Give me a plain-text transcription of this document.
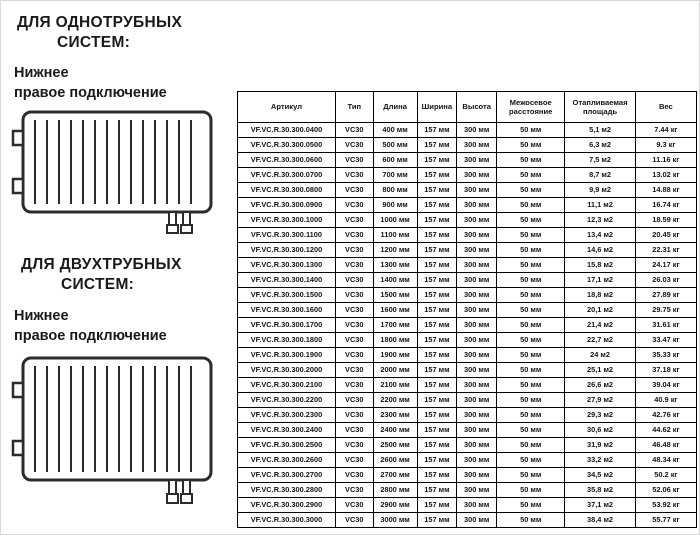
ДЛЯ ОДНОТРУБНЫХ
СИСТЕМ:
Нижнее
правое подключение
ДЛЯ ДВУХТРУБНЫХ
СИСТЕМ:
Нижнее
правое подключение
Артикул	Тип	Длина	Ширина	Высота	Межосевое расстояние	Отапливаемая площадь	Вес
VF.VC.R.30.300.0400	VC30	400 мм	157 мм	300 мм	50 мм	5,1 м2	7.44 кг
VF.VC.R.30.300.0500	VC30	500 мм	157 мм	300 мм	50 мм	6,3 м2	9.3 кг
VF.VC.R.30.300.0600	VC30	600 мм	157 мм	300 мм	50 мм	7,5 м2	11.16 кг
VF.VC.R.30.300.0700	VC30	700 мм	157 мм	300 мм	50 мм	8,7 м2	13.02 кг
VF.VC.R.30.300.0800	VC30	800 мм	157 мм	300 мм	50 мм	9,9 м2	14.88 кг
VF.VC.R.30.300.0900	VC30	900 мм	157 мм	300 мм	50 мм	11,1 м2	16.74 кг
VF.VC.R.30.300.1000	VC30	1000 мм	157 мм	300 мм	50 мм	12,3 м2	18.59 кг
VF.VC.R.30.300.1100	VC30	1100 мм	157 мм	300 мм	50 мм	13,4 м2	20.45 кг
VF.VC.R.30.300.1200	VC30	1200 мм	157 мм	300 мм	50 мм	14,6 м2	22.31 кг
VF.VC.R.30.300.1300	VC30	1300 мм	157 мм	300 мм	50 мм	15,8 м2	24.17 кг
VF.VC.R.30.300.1400	VC30	1400 мм	157 мм	300 мм	50 мм	17,1 м2	26.03 кг
VF.VC.R.30.300.1500	VC30	1500 мм	157 мм	300 мм	50 мм	18,8 м2	27.89 кг
VF.VC.R.30.300.1600	VC30	1600 мм	157 мм	300 мм	50 мм	20,1 м2	29.75 кг
VF.VC.R.30.300.1700	VC30	1700 мм	157 мм	300 мм	50 мм	21,4 м2	31.61 кг
VF.VC.R.30.300.1800	VC30	1800 мм	157 мм	300 мм	50 мм	22,7 м2	33.47 кг
VF.VC.R.30.300.1900	VC30	1900 мм	157 мм	300 мм	50 мм	24 м2	35.33 кг
VF.VC.R.30.300.2000	VC30	2000 мм	157 мм	300 мм	50 мм	25,1 м2	37.18 кг
VF.VC.R.30.300.2100	VC30	2100 мм	157 мм	300 мм	50 мм	26,6 м2	39.04 кг
VF.VC.R.30.300.2200	VC30	2200 мм	157 мм	300 мм	50 мм	27,9 м2	40.9 кг
VF.VC.R.30.300.2300	VC30	2300 мм	157 мм	300 мм	50 мм	29,3 м2	42.76 кг
VF.VC.R.30.300.2400	VC30	2400 мм	157 мм	300 мм	50 мм	30,6 м2	44.62 кг
VF.VC.R.30.300.2500	VC30	2500 мм	157 мм	300 мм	50 мм	31,9 м2	46.48 кг
VF.VC.R.30.300.2600	VC30	2600 мм	157 мм	300 мм	50 мм	33,2 м2	48.34 кг
VF.VC.R.30.300.2700	VC30	2700 мм	157 мм	300 мм	50 мм	34,5 м2	50.2 кг
VF.VC.R.30.300.2800	VC30	2800 мм	157 мм	300 мм	50 мм	35,8 м2	52.06 кг
VF.VC.R.30.300.2900	VC30	2900 мм	157 мм	300 мм	50 мм	37,1 м2	53.92 кг
VF.VC.R.30.300.3000	VC30	3000 мм	157 мм	300 мм	50 мм	38,4 м2	55.77 кг
